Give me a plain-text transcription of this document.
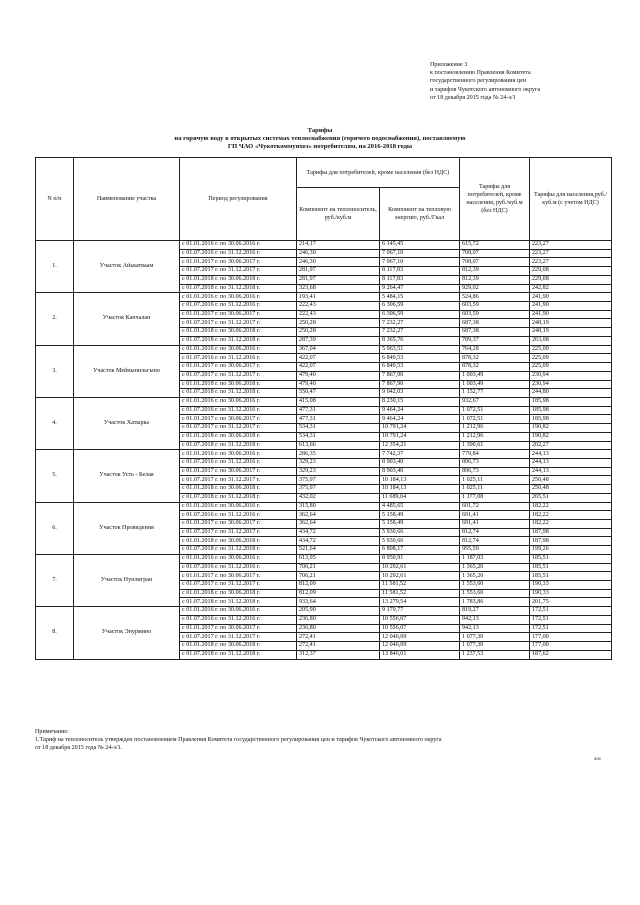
Приложение 3
к постановлению Правления Комитета
государственного регулирования цен
и тарифов Чукотского автономного округа
от 18 декабря 2015 года № 24-э/1
Тарифы
на горячую воду в открытых системах теплоснабжения (горячего водоснабжения), поставляемую
ГП ЧАО «Чукоткоммунхоз» потребителям, на 2016-2018 годы
N п/п	Наименование участка	Период регулирования	Тарифы для потребителей, кроме населения (без НДС)		Тарифы для потребителей, кроме населения, руб./куб.м (без НДС)	Тарифы для населения,руб./куб.м (с учетом НДС)
			Компонент на теплоноситель, руб./куб.м	Компонент на тепловую энергию, руб./Гкал		
1.	Участок Айькатваам	с 01.01.2016 г. по 30.06.2016 г.	214,17	6 145,45	615,72	223,27
		с 01.07.2016 г. по 31.12.2016 г.	246,30	7 067,10	708,07	223,27
		с 01.01.2017 г. по 30.06.2017 г.	246,30	7 067,10	708,07	223,27
		с 01.07.2017 г. по 31.12.2017 г.	281,97	8 117,83	812,39	229,08
		с 01.01.2018 г. по 30.06.2018 г.	281,97	8 117,83	812,39	229,08
		с 01.07.2018 г. по 31.12.2018 г.	323,68	9 264,47	929,02	242,82
2.	Участок Канчалан	с 01.01.2016 г. по 30.06.2016 г.	193,41	5 484,15	524,86	241,90
		с 01.07.2016 г. по 31.12.2016 г.	222,43	6 306,59	603,59	241,90
		с 01.01.2017 г. по 30.06.2017 г.	222,43	6 306,59	603,59	241,90
		с 01.07.2017 г. по 31.12.2017 г.	250,28	7 232,27	687,38	248,19
		с 01.01.2018 г. по 30.06.2018 г.	250,28	7 232,27	687,38	248,19
		с 01.07.2018 г. по 31.12.2018 г.	287,39	8 365,76	789,37	263,08
3.	Участок Мейныпильгыно	с 01.01.2016 г. по 30.06.2016 г.	367,04	5 963,51	764,28	225,09
		с 01.07.2016 г. по 31.12.2016 г.	422,07	6 849,53	878,32	225,09
		с 01.01.2017 г. по 30.06.2017 г.	422,07	6 849,53	878,32	225,09
		с 01.07.2017 г. по 31.12.2017 г.	479,40	7 867,90	1 003,49	230,94
		с 01.01.2018 г. по 30.06.2018 г.	479,40	7 867,90	1 003,49	230,94
		с 01.07.2018 г. по 31.12.2018 г.	550,47	9 042,03	1 152,77	244,80
4.	Участок Хатырка	с 01.01.2016 г. по 30.06.2016 г.	415,08	8 230,15	932,67	185,98
		с 01.07.2016 г. по 31.12.2016 г.	477,31	9 464,24	1 072,51	185,98
		с 01.01.2017 г. по 30.06.2017 г.	477,31	9 464,24	1 072,51	185,98
		с 01.07.2017 г. по 31.12.2017 г.	534,31	10 791,24	1 212,96	190,82
		с 01.01.2018 г. по 30.06.2018 г.	534,31	10 791,24	1 212,96	190,82
		с 01.07.2018 г. по 31.12.2018 г.	613,66	12 354,21	1 390,61	202,27
5.	Участок Усть - Белая	с 01.01.2016 г. по 30.06.2016 г.	286,35	7 742,37	779,84	244,13
		с 01.07.2016 г. по 31.12.2016 г.	329,23	8 903,40	896,73	244,13
		с 01.01.2017 г. по 30.06.2017 г.	329,23	8 903,40	896,73	244,13
		с 01.07.2017 г. по 31.12.2017 г.	375,97	10 184,13	1 025,11	250,48
		с 01.01.2018 г. по 30.06.2018 г.	375,97	10 184,13	1 025,11	250,48
		с 01.07.2018 г. по 31.12.2018 г.	432,02	11 689,04	1 177,08	265,51
6.	Участок Провидения	с 01.01.2016 г. по 30.06.2016 г.	315,80	4 485,65	601,72	182,22
		с 01.07.2016 г. по 31.12.2016 г.	362,64	5 158,49	691,41	182,22
		с 01.01.2017 г. по 30.06.2017 г.	362,64	5 158,49	691,41	182,22
		с 01.07.2017 г. по 31.12.2017 г.	434,72	5 930,66	812,74	187,98
		с 01.01.2018 г. по 30.06.2018 г.	434,72	5 930,66	812,74	187,98
		с 01.07.2018 г. по 31.12.2018 г.	521,64	6 808,17	955,59	199,26
7.	Участок Нунлигран	с 01.01.2016 г. по 30.06.2016 г.	613,95	8 950,91	1 187,03	185,51
		с 01.07.2016 г. по 31.12.2016 г.	706,21	10 292,61	1 365,20	185,51
		с 01.01.2017 г. по 30.06.2017 г.	706,21	10 292,61	1 365,20	185,51
		с 01.07.2017 г. по 31.12.2017 г.	812,09	11 581,52	1 553,60	190,33
		с 01.01.2018 г. по 30.06.2018 г.	812,09	11 581,52	1 553,60	190,33
		с 01.07.2018 г. по 31.12.2018 г.	933,64	13 279,54	1 783,86	201,75
8.	Участок Энурмино	с 01.01.2016 г. по 30.06.2016 г.	205,90	9 179,77	819,27	172,51
		с 01.07.2016 г. по 31.12.2016 г.	236,80	10 556,07	942,13	172,51
		с 01.01.2017 г. по 30.06.2017 г.	236,80	10 556,07	942,13	172,51
		с 01.07.2017 г. по 31.12.2017 г.	272,41	12 046,09	1 077,30	177,00
		с 01.01.2018 г. по 30.06.2018 г.	272,41	12 046,09	1 077,30	177,00
		с 01.07.2018 г. по 31.12.2018 г.	312,37	13 846,01	1 237,53	187,62
Примечание:
1.Тариф на теплоноситель утвержден постановлением Правления Комитета государственного регулирования цен и тарифов Чукотского автономного округа
от 18 декабря 2015 года № 24-э/1.
жм
